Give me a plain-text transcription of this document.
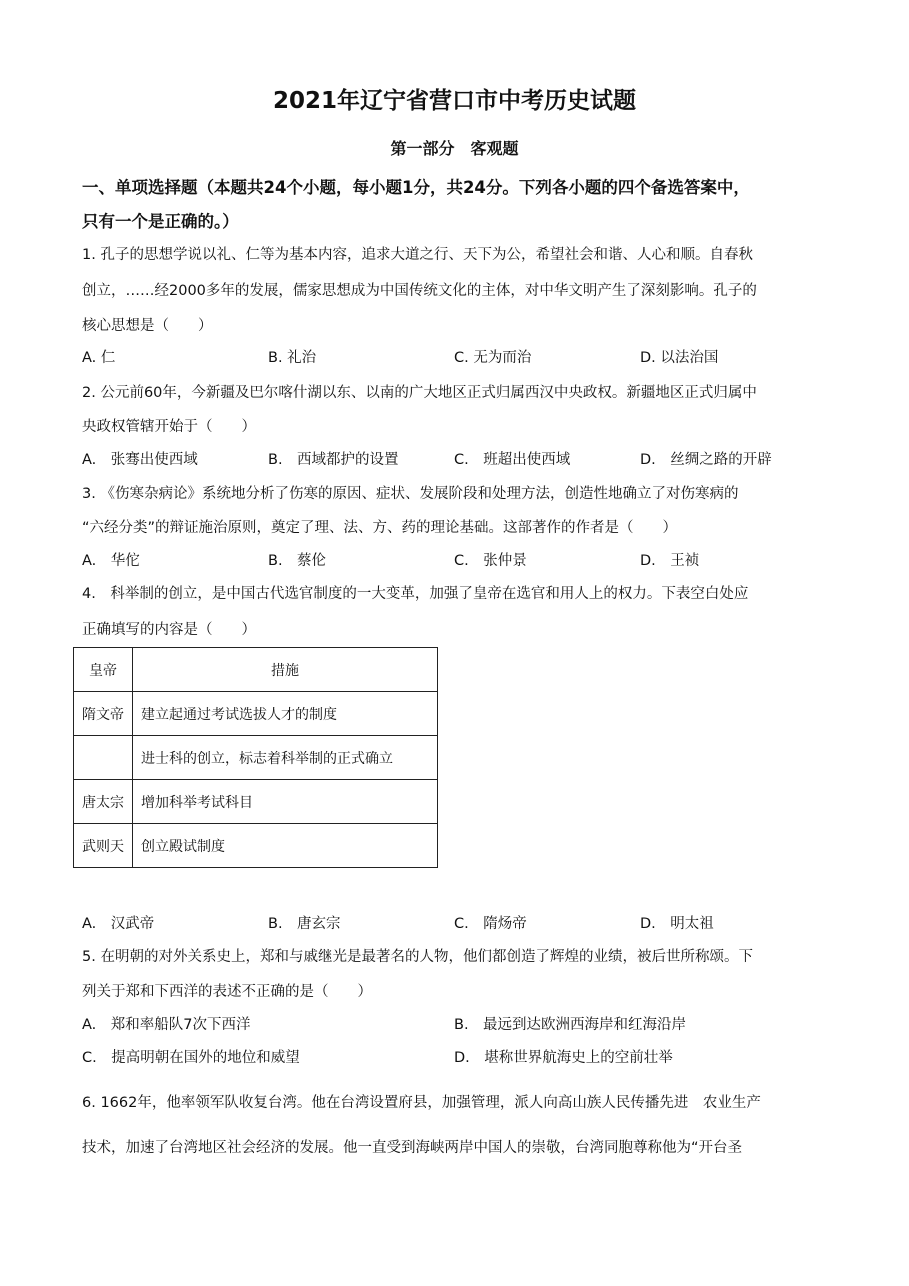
2021年辽宁省营口市中考历史试题
第一部分　客观题
一、单项选择题（本题共24个小题，每小题1分，共24分。下列各小题的四个备选答案中，
只有一个是正确的。）
1. 孔子的思想学说以礼、仁等为基本内容，追求大道之行、天下为公，希望社会和谐、人心和顺。自春秋
创立，……经2000多年的发展，儒家思想成为中国传统文化的主体，对中华文明产生了深刻影响。孔子的
核心思想是（　　）
A. 仁	B. 礼治	C. 无为而治	D. 以法治国
2. 公元前60年，今新疆及巴尔喀什湖以东、以南的广大地区正式归属西汉中央政权。新疆地区正式归属中
央政权管辖开始于（　　）
A.　张骞出使西域	B.　西域都护的设置	C.　班超出使西域	D.　丝绸之路的开辟
3. 《伤寒杂病论》系统地分析了伤寒的原因、症状、发展阶段和处理方法，创造性地确立了对伤寒病的
“六经分类”的辩证施治原则，奠定了理、法、方、药的理论基础。这部著作的作者是（　　）
A.　华佗	B.　蔡伦	C.　张仲景	D.　王祯
4.　科举制的创立，是中国古代选官制度的一大变革，加强了皇帝在选官和用人上的权力。下表空白处应
正确填写的内容是（　　）
皇帝	措施
隋文帝	建立起通过考试选拔人才的制度
	进士科的创立，标志着科举制的正式确立
唐太宗	增加科举考试科目
武则天	创立殿试制度
A.　汉武帝	B.　唐玄宗	C.　隋炀帝	D.　明太祖
5. 在明朝的对外关系史上，郑和与戚继光是最著名的人物，他们都创造了辉煌的业绩，被后世所称颂。下
列关于郑和下西洋的表述不正确的是（　　）
A.　郑和率船队7次下西洋	B.　最远到达欧洲西海岸和红海沿岸
C.　提高明朝在国外的地位和威望	D.　堪称世界航海史上的空前壮举
6. 1662年，他率领军队收复台湾。他在台湾设置府县，加强管理，派人向高山族人民传播先进　农业生产
技术，加速了台湾地区社会经济的发展。他一直受到海峡两岸中国人的崇敬，台湾同胞尊称他为“开台圣
